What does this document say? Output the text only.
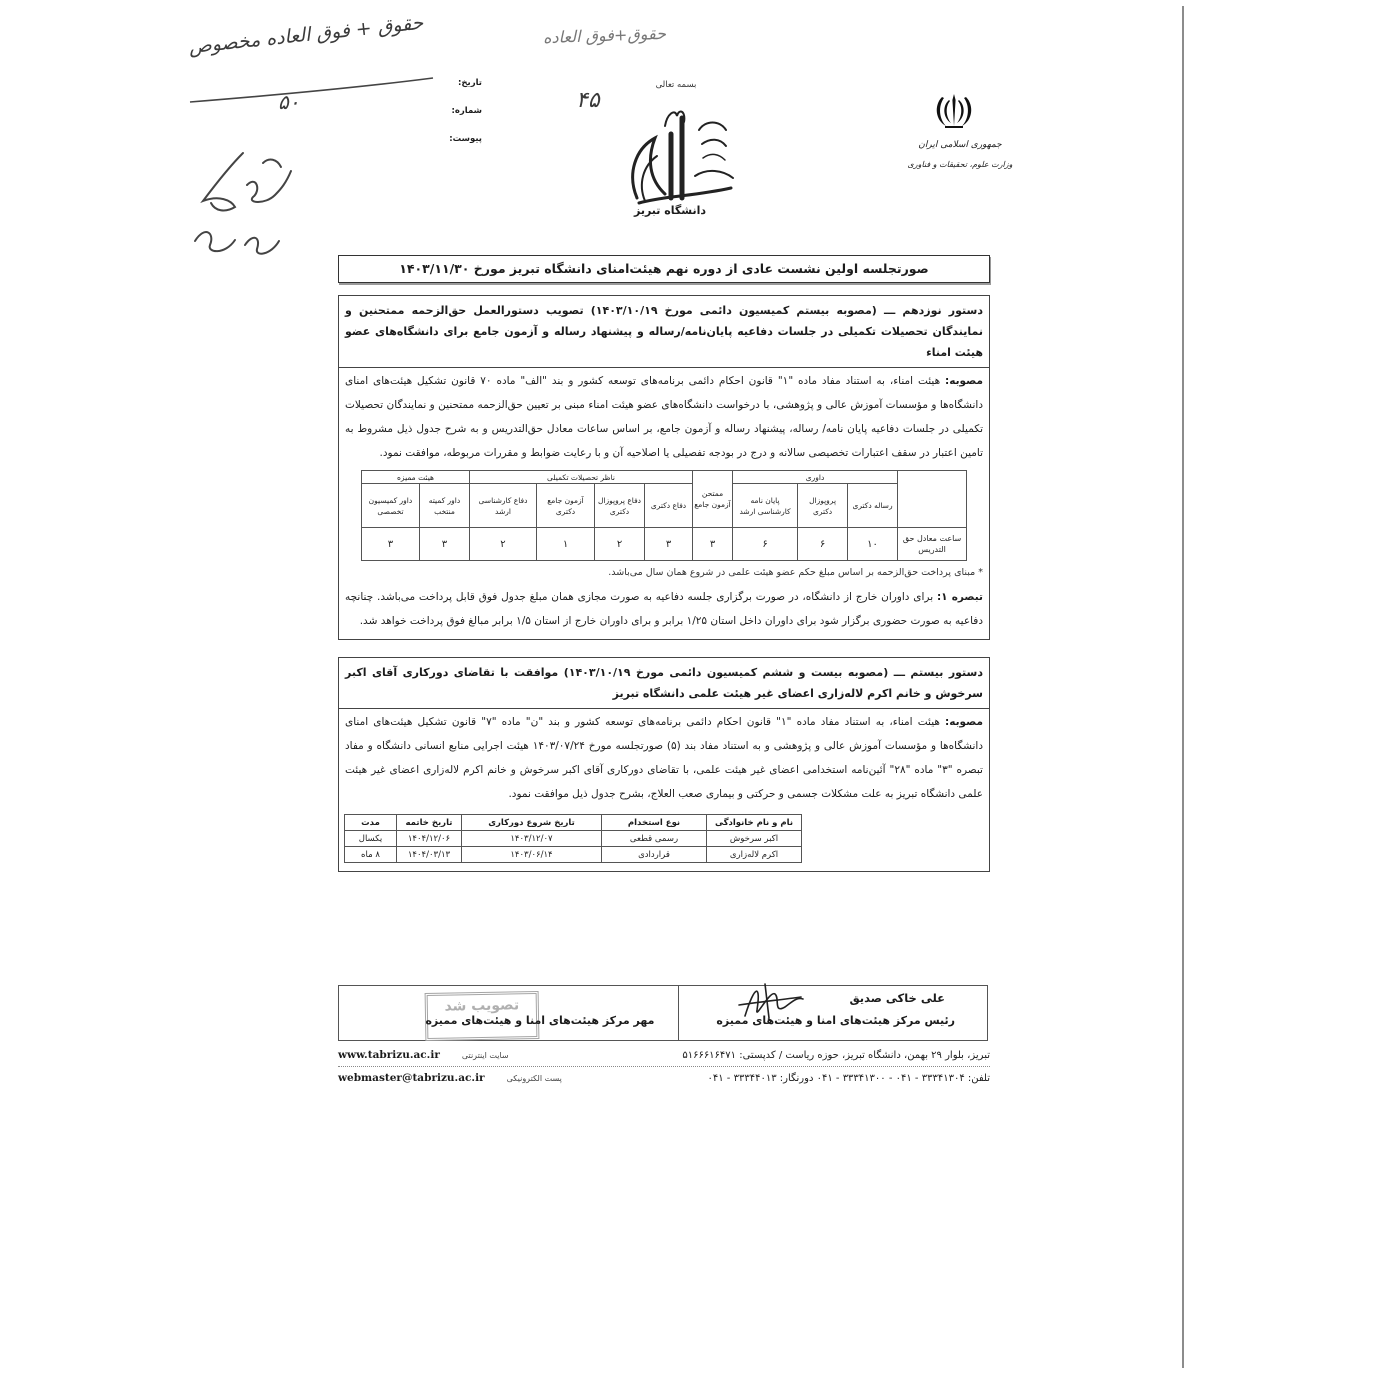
حقوق + فوق العاده مخصوص
۵۰
حقوق+فوق العاده
۴۵
تاریخ:
شماره:
پیوست:
بسمه تعالی
دانشگاه تبریز
جمهوری اسلامی ایران
وزارت علوم، تحقیقات و فناوری
صورتجلسه اولین نشست عادی از دوره نهم هیئت‌امنای دانشگاه تبریز مورخ ۱۴۰۳/۱۱/۳۰
دستور نوزدهم ـــ (مصوبه بیستم کمیسیون دائمی مورخ ۱۴۰۳/۱۰/۱۹) تصویب دستورالعمل حق‌الزحمه ممتحنین و نمایندگان تحصیلات تکمیلی در جلسات دفاعیه پایان‌نامه/رساله و پیشنهاد رساله و آزمون جامع برای دانشگاه‌های عضو هیئت امناء
مصوبه: هیئت امناء، به استناد مفاد ماده "۱" قانون احکام دائمی برنامه‌های توسعه کشور و بند "الف" ماده ۷۰ قانون تشکیل هیئت‌های امنای دانشگاه‌ها و مؤسسات آموزش عالی و پژوهشی، با درخواست دانشگاه‌های عضو هیئت امناء مبنی بر تعیین حق‌الزحمه ممتحنین و نمایندگان تحصیلات تکمیلی در جلسات دفاعیه پایان نامه/ رساله، پیشنهاد رساله و آزمون جامع، بر اساس ساعات معادل حق‌التدریس و به شرح جدول ذیل مشروط به تامین اعتبار در سقف اعتبارات تخصیصی سالانه و درج در بودجه تفصیلی یا اصلاحیه آن و با رعایت ضوابط و مقررات مربوطه، موافقت نمود.
	داوری			ممتحن آزمون جامع	ناظر تحصیلات تکمیلی				هیئت ممیزه	
	رساله دکتری	پروپوزال دکتری	پایان نامه کارشناسی ارشد		دفاع دکتری	دفاع پروپوزال دکتری	آزمون جامع دکتری	دفاع کارشناسی ارشد	داور کمیته منتخب	داور کمیسیون تخصصی
ساعت معادل حق التدریس	۱۰	۶	۶	۳	۳	۲	۱	۲	۳	۳
* مبنای پرداخت حق‌الزحمه بر اساس مبلغ حکم عضو هیئت علمی در شروع همان سال می‌باشد.
تبصره ۱: برای داوران خارج از دانشگاه، در صورت برگزاری جلسه دفاعیه به صورت مجازی همان مبلغ جدول فوق قابل پرداخت می‌باشد. چنانچه دفاعیه به صورت حضوری برگزار شود برای داوران داخل استان ۱/۲۵ برابر و برای داوران خارج از استان ۱/۵ برابر مبالغ فوق پرداخت خواهد شد.
دستور بیستم ـــ (مصوبه بیست و ششم کمیسیون دائمی مورخ ۱۴۰۳/۱۰/۱۹) موافقت با تقاضای دورکاری آقای اکبر سرخوش و خانم اکرم لاله‌زاری اعضای غیر هیئت علمی دانشگاه تبریز
مصوبه: هیئت امناء، به استناد مفاد ماده "۱" قانون احکام دائمی برنامه‌های توسعه کشور و بند "ن" ماده "۷" قانون تشکیل هیئت‌های امنای دانشگاه‌ها و مؤسسات آموزش عالی و پژوهشی و به استناد مفاد بند (۵) صورتجلسه مورخ ۱۴۰۳/۰۷/۲۴ هیئت اجرایی منابع انسانی دانشگاه و مفاد تبصره "۳" ماده "۲۸" آئین‌نامه استخدامی اعضای غیر هیئت علمی، با تقاضای دورکاری آقای اکبر سرخوش و خانم اکرم لاله‌زاری اعضای غیر هیئت علمی دانشگاه تبریز به علت مشکلات جسمی و حرکتی و بیماری صعب العلاج، بشرح جدول ذیل موافقت نمود.
نام و نام خانوادگی	نوع استخدام	تاریخ شروع دورکاری	تاریخ خاتمه	مدت
اکبر سرخوش	رسمی قطعی	۱۴۰۳/۱۲/۰۷	۱۴۰۴/۱۲/۰۶	یکسال
اکرم لاله‌زاری	قراردادی	۱۴۰۳/۰۶/۱۴	۱۴۰۴/۰۳/۱۳	۸ ماه
علی خاکی صدیق
رئیس مرکز هیئت‌های امنا و هیئت‌های ممیزه
تصویب شد
مهر مرکز هیئت‌های امنا و هیئت‌های ممیزه
تبریز، بلوار ۲۹ بهمن، دانشگاه تبریز، حوزه ریاست / کدپستی: ۵۱۶۶۶۱۶۴۷۱
سایت اینترنتی
www.tabrizu.ac.ir
تلفن: ۳۳۳۴۱۳۰۴ - ۰۴۱ - ۳۳۳۴۱۳۰۰ - ۰۴۱ دورنگار: ۳۳۳۴۴۰۱۳ - ۰۴۱
پست الکترونیکی
webmaster@tabrizu.ac.ir
